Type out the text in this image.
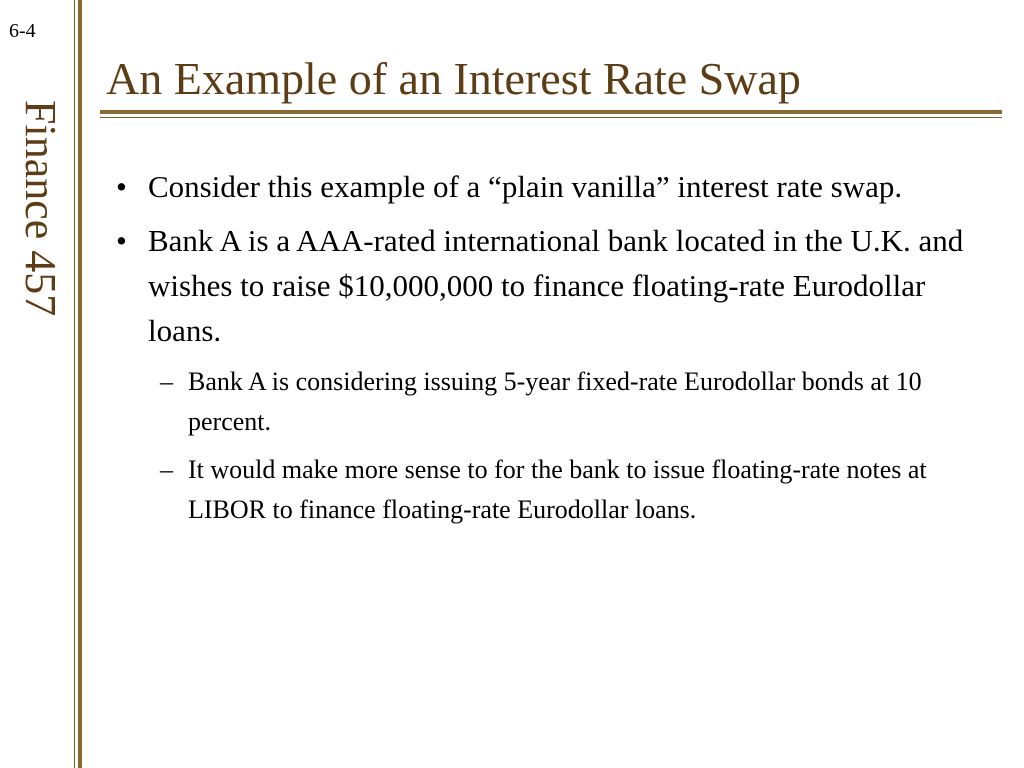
6-4
Finance 457
An Example of an Interest Rate Swap
• Consider this example of a “plain vanilla” interest rate swap.
• Bank A is a AAA-rated international bank located in the U.K. and wishes to raise $10,000,000 to finance floating-rate Eurodollar loans.
– Bank A is considering issuing 5-year fixed-rate Eurodollar bonds at 10 percent.
– It would make more sense to for the bank to issue floating-rate notes at LIBOR to finance floating-rate Eurodollar loans.
